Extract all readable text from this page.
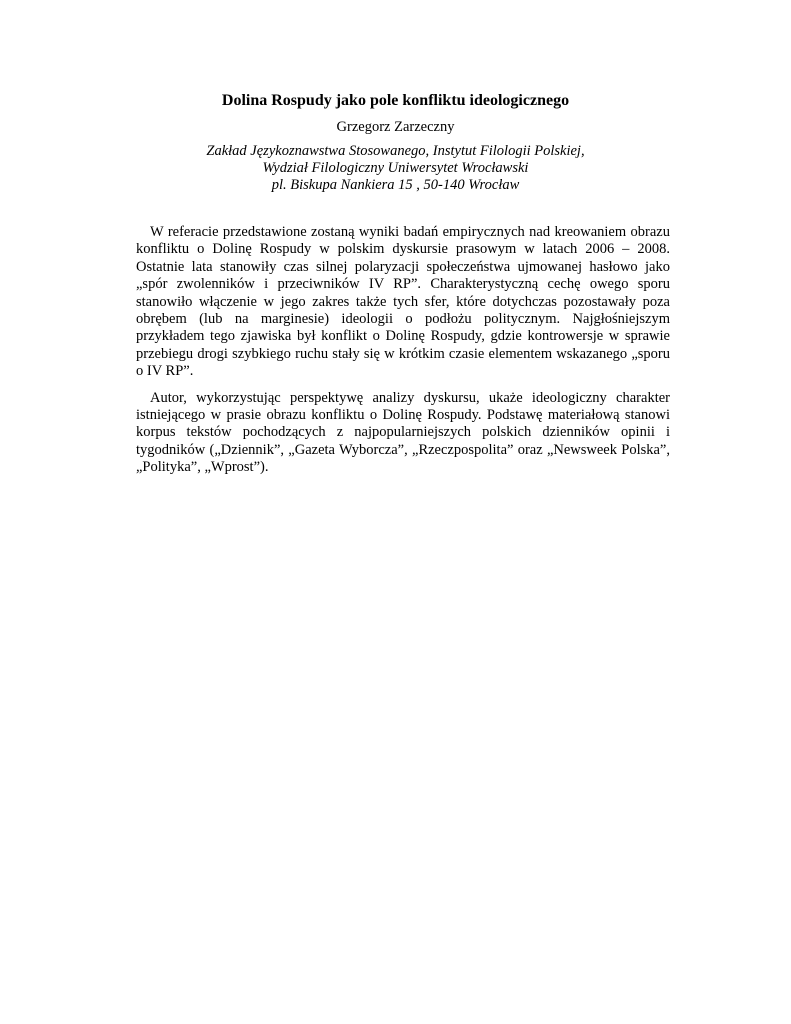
Dolina Rospudy jako pole konfliktu ideologicznego
Grzegorz Zarzeczny
Zakład Językoznawstwa Stosowanego, Instytut Filologii Polskiej,
Wydział Filologiczny Uniwersytet Wrocławski
pl. Biskupa Nankiera 15 , 50-140 Wrocław

W referacie przedstawione zostaną wyniki badań empirycznych nad kreowaniem obrazu konfliktu o Dolinę Rospudy w polskim dyskursie prasowym w latach 2006 – 2008. Ostatnie lata stanowiły czas silnej polaryzacji społeczeństwa ujmowanej hasłowo jako „spór zwolenników i przeciwników IV RP”. Charakterystyczną cechę owego sporu stanowiło włączenie w jego zakres także tych sfer, które dotychczas pozostawały poza obrębem (lub na marginesie) ideologii o podłożu politycznym. Najgłośniejszym przykładem tego zjawiska był konflikt o Dolinę Rospudy, gdzie kontrowersje w sprawie przebiegu drogi szybkiego ruchu stały się w krótkim czasie elementem wskazanego „sporu o IV RP”.

Autor, wykorzystując perspektywę analizy dyskursu, ukaże ideologiczny charakter istniejącego w prasie obrazu konfliktu o Dolinę Rospudy. Podstawę materiałową stanowi korpus tekstów pochodzących z najpopularniejszych polskich dzienników opinii i tygodników („Dziennik”, „Gazeta Wyborcza”, „Rzeczpospolita” oraz „Newsweek Polska”, „Polityka”, „Wprost”).
